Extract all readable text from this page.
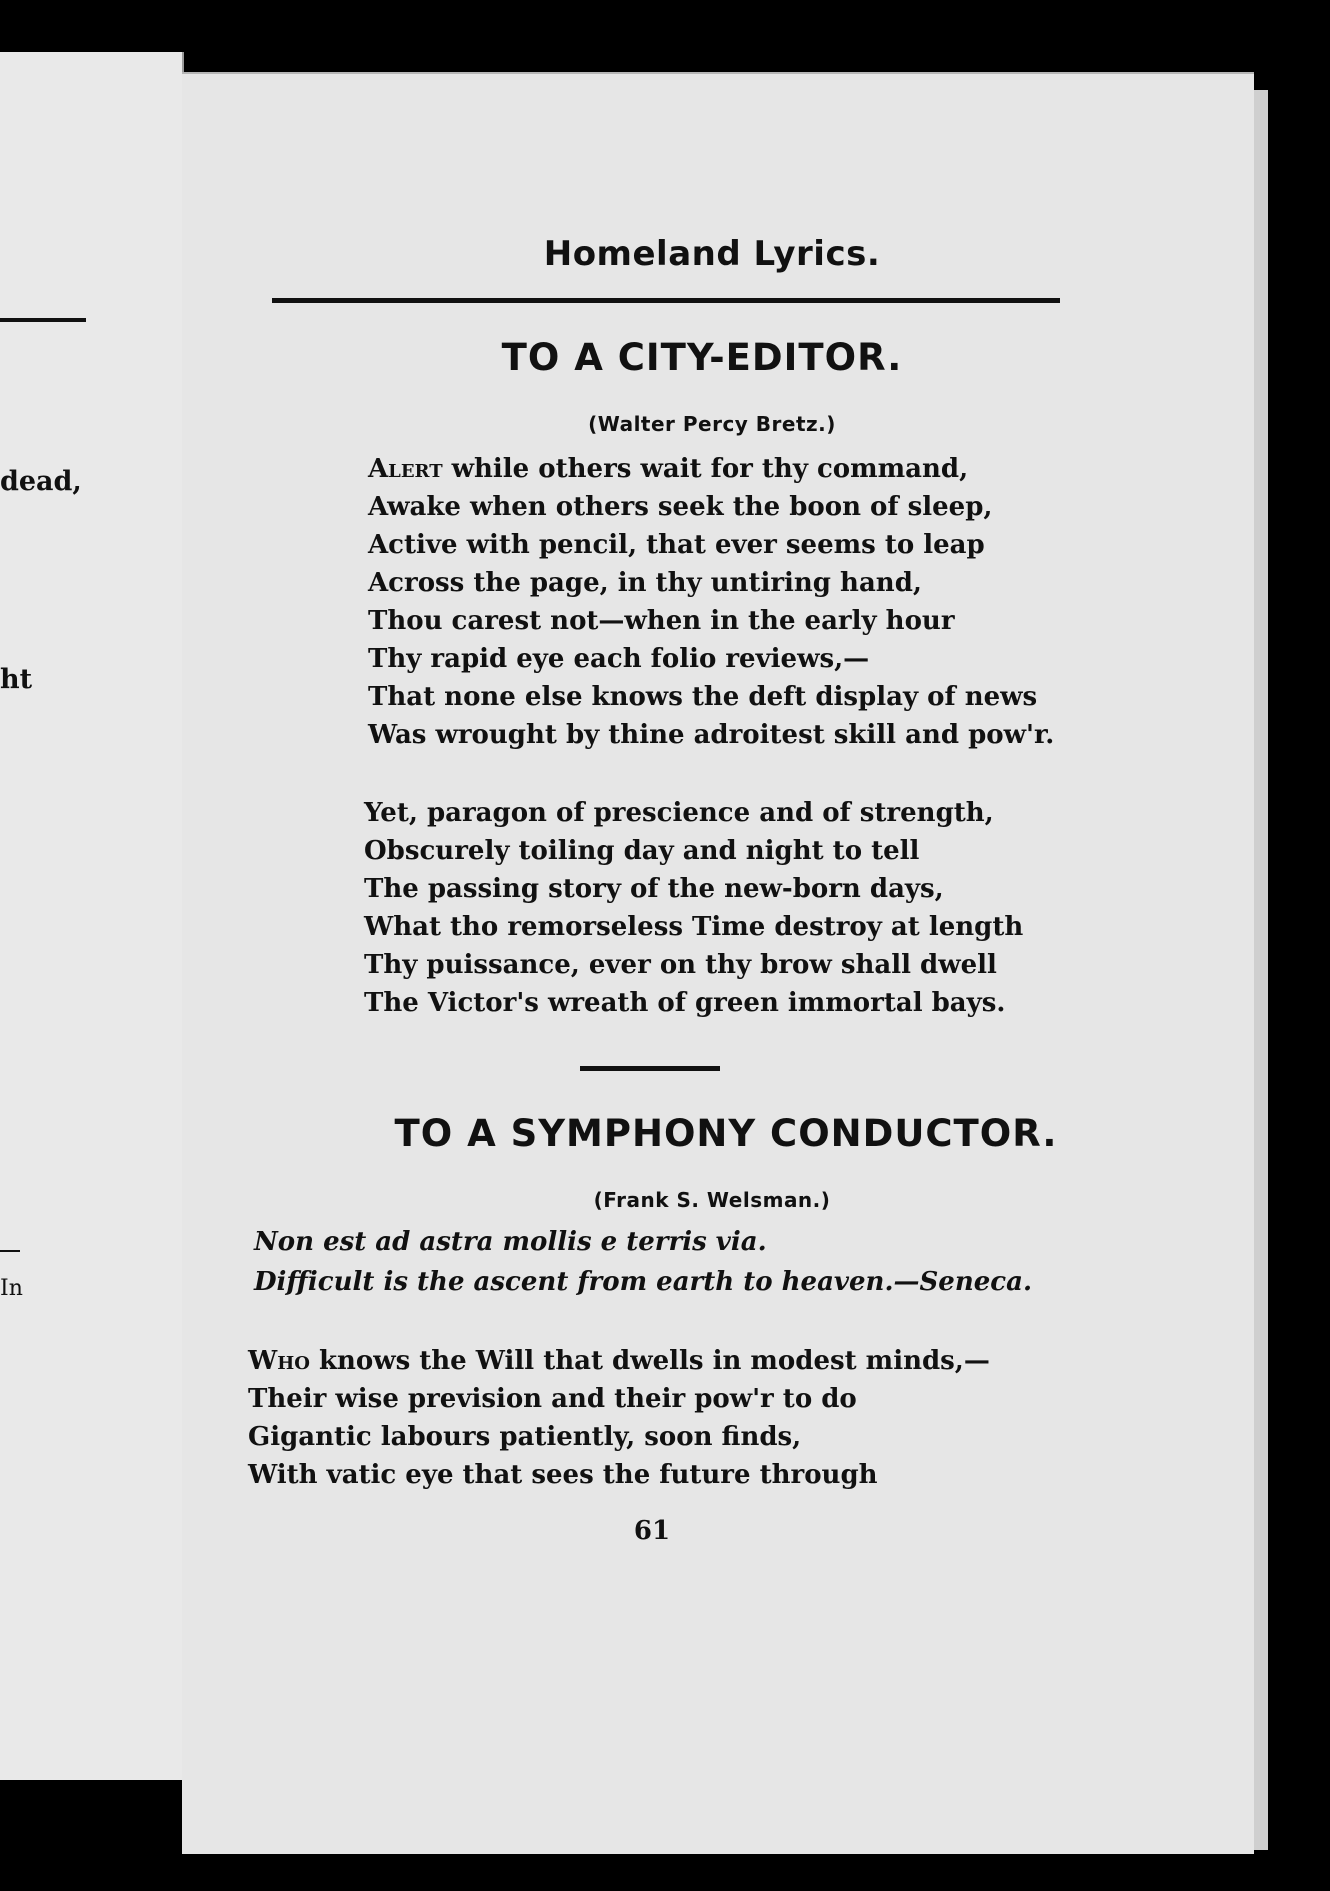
dead,
ht
In
Homeland Lyrics.
TO A CITY-EDITOR.
(Walter Percy Bretz.)
Alert while others wait for thy command,
Awake when others seek the boon of sleep,
Active with pencil, that ever seems to leap
Across the page, in thy untiring hand,
Thou carest not—when in the early hour
Thy rapid eye each folio reviews,—
That none else knows the deft display of news
Was wrought by thine adroitest skill and pow'r.
Yet, paragon of prescience and of strength,
Obscurely toiling day and night to tell
The passing story of the new-born days,
What tho remorseless Time destroy at length
Thy puissance, ever on thy brow shall dwell
The Victor's wreath of green immortal bays.
TO A SYMPHONY CONDUCTOR.
(Frank S. Welsman.)
Non est ad astra mollis e terris via.
Difficult is the ascent from earth to heaven.—Seneca.
Who knows the Will that dwells in modest minds,—
Their wise prevision and their pow'r to do
Gigantic labours patiently, soon finds,
With vatic eye that sees the future through
61
